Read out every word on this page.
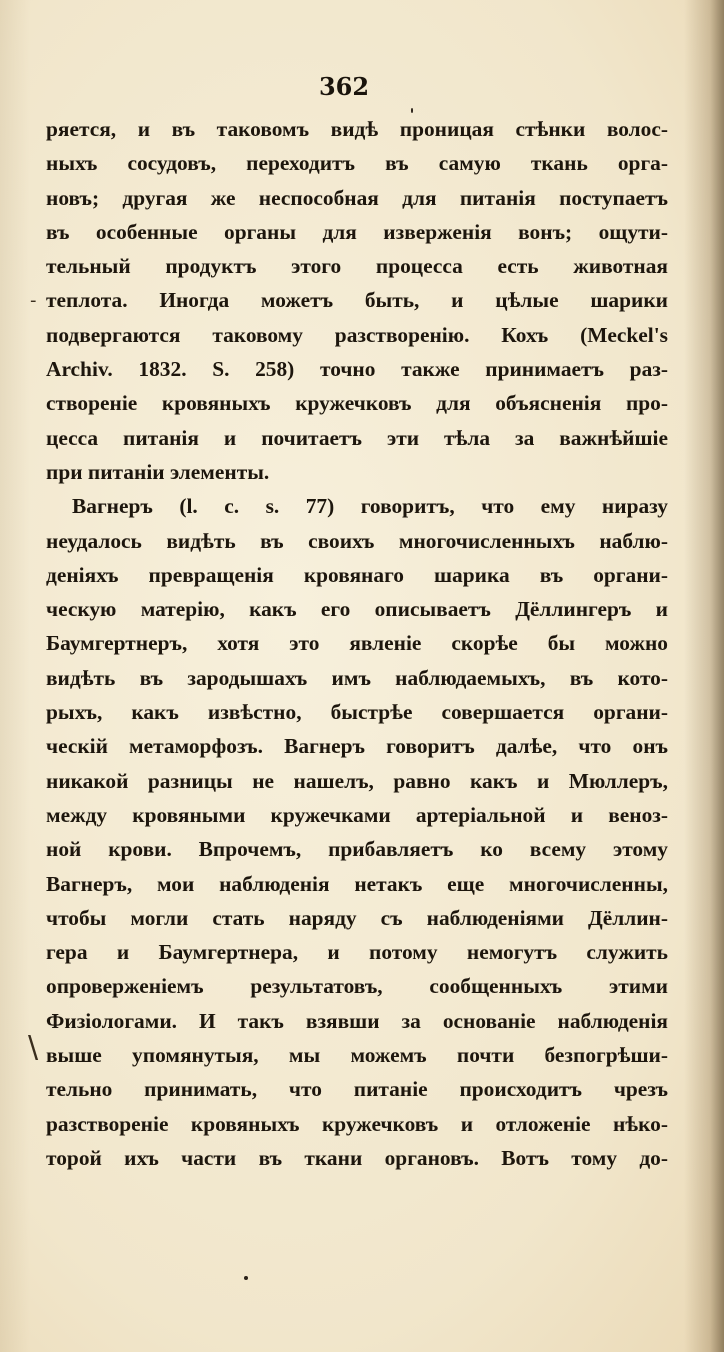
362
ряется, и въ таковомъ видѣ проницая стѣнки волос-
ныхъ сосудовъ, переходитъ въ самую ткань орга-
новъ; другая же неспособная для питанія поступаетъ
въ особенные органы для изверженія вонъ; ощути-
тельный продуктъ этого процесса есть животная
теплота. Иногда можетъ быть, и цѣлые шарики
подвергаются таковому разстворенію. Кохъ (Meckel's
Archiv. 1832. S. 258) точно также принимаетъ раз-
створеніе кровяныхъ кружечковъ для объясненія про-
цесса питанія и почитаетъ эти тѣла за важнѣйшіе
при питаніи элементы.
Вагнеръ (l. c. s. 77) говоритъ, что ему ниразу
неудалось видѣть въ своихъ многочисленныхъ наблю-
деніяхъ превращенія кровянаго шарика въ органи-
ческую матерію, какъ его описываетъ Дёллингеръ и
Баумгертнеръ, хотя это явленіе скорѣе бы можно
видѣть въ зародышахъ имъ наблюдаемыхъ, въ кото-
рыхъ, какъ извѣстно, быстрѣе совершается органи-
ческій метаморфозъ. Вагнеръ говоритъ далѣе, что онъ
никакой разницы не нашелъ, равно какъ и Мюллеръ,
между кровяными кружечками артеріальной и веноз-
ной крови. Впрочемъ, прибавляетъ ко всему этому
Вагнеръ, мои наблюденія нетакъ еще многочисленны,
чтобы могли стать наряду съ наблюденіями Дёллин-
гера и Баумгертнера, и потому немогутъ служить
опроверженіемъ результатовъ, сообщенныхъ этими
Физіологами. И такъ взявши за основаніе наблюденія
выше упомянутыя, мы можемъ почти безпогрѣши-
тельно принимать, что питаніе происходитъ чрезъ
разствореніе кровяныхъ кружечковъ и отложеніе нѣко-
торой ихъ части въ ткани органовъ. Вотъ тому до-
\
-
